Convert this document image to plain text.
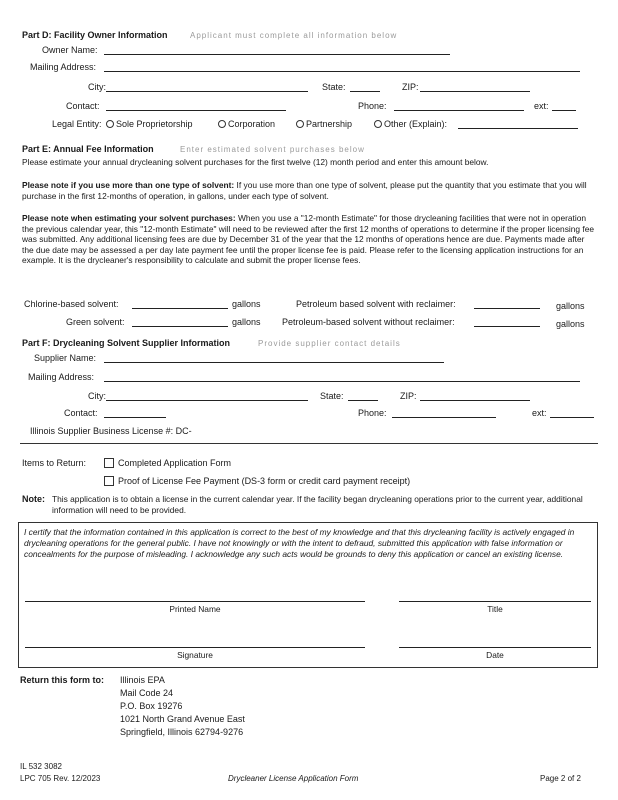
Part D: Facility Owner Information	Applicant must complete all information below
Owner Name:
Mailing Address:
City:	State:	ZIP:
Contact:	Phone:	ext:
Legal Entity:	Sole Proprietorship	Corporation	Partnership	Other (Explain):
Part E: Annual Fee Information	Enter estimated solvent purchases below
Please estimate your annual drycleaning solvent purchases for the first twelve (12) month period and enter this amount below.
Please note if you use more than one type of solvent: If you use more than one type of solvent, please put the quantity that you estimate that you will purchase in the first 12-months of operation, in gallons, under each type of solvent.
Please note when estimating your solvent purchases: When you use a "12-month Estimate" for those drycleaning facilities that were not in operation the previous calendar year, this "12-month Estimate" will need to be reviewed after the first 12 months of operations to determine if the proper licensing fee was submitted. Any additional licensing fees are due by December 31 of the year that the 12 months of operations hence are due. Payments made after the due date may be assessed a per day late payment fee until the proper license fee is paid. Please refer to the licensing application instructions for an example. It is the drycleaner's responsibility to calculate and submit the proper license fees.
Chlorine-based solvent:	gallons	Petroleum based solvent with reclaimer:	gallons
Green solvent:	gallons Petroleum-based solvent without reclaimer:	gallons
Part F: Drycleaning Solvent Supplier Information	Provide supplier contact details
Supplier Name:
Mailing Address:
City:	State:	ZIP:
Contact:	Phone:	ext:
Illinois Supplier Business License #: DC-
Items to Return:	Completed Application Form
Proof of License Fee Payment (DS-3 form or credit card payment receipt)
Note: This application is to obtain a license in the current calendar year. If the facility began drycleaning operations prior to the current year, additional information will need to be provided.
I certify that the information contained in this application is correct to the best of my knowledge and that this drycleaning facility is actively engaged in drycleaning operations for the general public. I have not knowingly or with the intent to defraud, submitted this application with false information or concealments for the purpose of misleading. I acknowledge any such acts would be grounds to deny this application or cancel an existing license.
Printed Name	Title
Signature	Date
Return this form to: Illinois EPA
Mail Code 24
P.O. Box 19276
1021 North Grand Avenue East
Springfield, Illinois 62794-9276
IL 532 3082
LPC 705 Rev. 12/2023	Drycleaner License Application Form	Page 2 of 2
